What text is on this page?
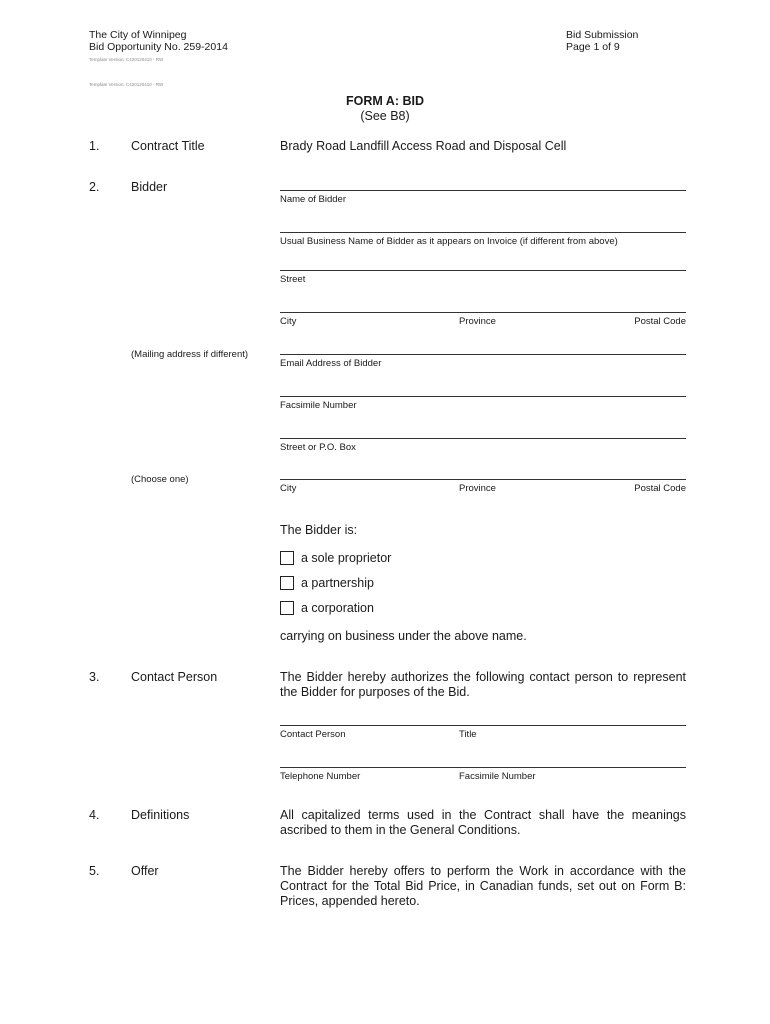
The City of Winnipeg
Bid Opportunity No. 259-2014
Bid Submission
Page 1 of 9
Template Version: C420120410 - RW
Template Version: C420120410 - RW
FORM A: BID
(See B8)
1.	Contract Title	Brady Road Landfill Access Road and Disposal Cell
2.	Bidder
Name of Bidder
Usual Business Name of Bidder as it appears on Invoice (if different from above)
Street
City	Province	Postal Code
(Mailing address if different)
Email Address of Bidder
Facsimile Number
Street or P.O. Box
(Choose one)
City	Province	Postal Code
The Bidder is:
a sole proprietor
a partnership
a corporation
carrying on business under the above name.
3.	Contact Person	The Bidder hereby authorizes the following contact person to represent the Bidder for purposes of the Bid.
Contact Person	Title
Telephone Number	Facsimile Number
4.	Definitions	All capitalized terms used in the Contract shall have the meanings ascribed to them in the General Conditions.
5.	Offer	The Bidder hereby offers to perform the Work in accordance with the Contract for the Total Bid Price, in Canadian funds, set out on Form B: Prices, appended hereto.
